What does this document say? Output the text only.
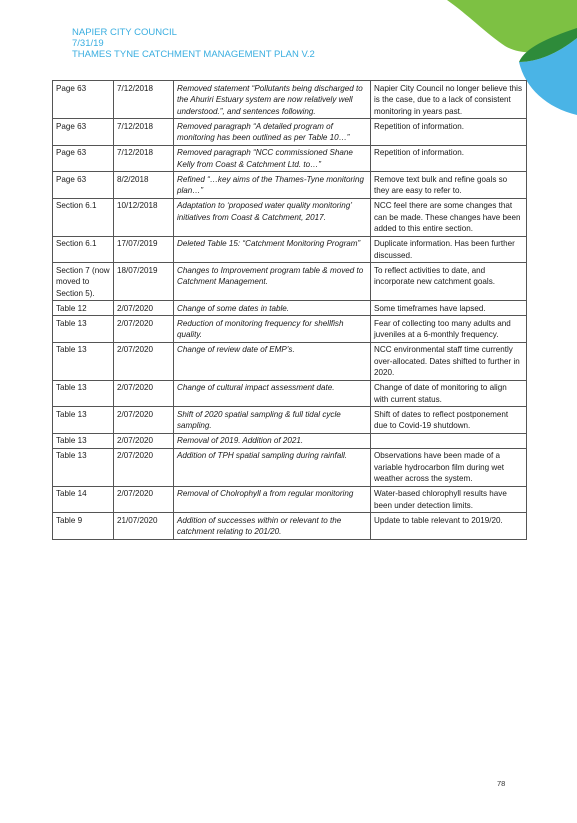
NAPIER CITY COUNCIL
7/31/19
THAMES TYNE CATCHMENT MANAGEMENT PLAN V.2
Page 63	7/12/2018	Removed statement “Pollutants being discharged to the Ahuriri Estuary system are now relatively well understood.”, and sentences following.	Napier City Council no longer believe this is the case, due to a lack of consistent monitoring in years past.
Page 63	7/12/2018	Removed paragraph “A detailed program of monitoring has been outlined as per Table 10…”	Repetition of information.
Page 63	7/12/2018	Removed paragraph “NCC commissioned Shane Kelly from Coast & Catchment Ltd. to…”	Repetition of information.
Page 63	8/2/2018	Refined “…key aims of the Thames-Tyne monitoring plan…”	Remove text bulk and refine goals so they are easy to refer to.
Section 6.1	10/12/2018	Adaptation to ‘proposed water quality monitoring’ initiatives from Coast & Catchment, 2017.	NCC feel there are some changes that can be made. These changes have been added to this entire section.
Section 6.1	17/07/2019	Deleted Table 15: “Catchment Monitoring Program”	Duplicate information. Has been further discussed.
Section 7 (now moved to Section 5).	18/07/2019	Changes to Improvement program table & moved to Catchment Management.	To reflect activities to date, and incorporate new catchment goals.
Table 12	2/07/2020	Change of some dates in table.	Some timeframes have lapsed.
Table 13	2/07/2020	Reduction of monitoring frequency for shellfish quality.	Fear of collecting too many adults and juveniles at a 6-monthly frequency.
Table 13	2/07/2020	Change of review date of EMP’s.	NCC environmental staff time currently over-allocated. Dates shifted to further in 2020.
Table 13	2/07/2020	Change of cultural impact assessment date.	Change of date of monitoring to align with current status.
Table 13	2/07/2020	Shift of 2020 spatial sampling & full tidal cycle sampling.	Shift of dates to reflect postponement due to Covid-19 shutdown.
Table 13	2/07/2020	Removal of 2019. Addition of 2021.	
Table 13	2/07/2020	Addition of TPH spatial sampling during rainfall.	Observations have been made of a variable hydrocarbon film during wet weather across the system.
Table 14	2/07/2020	Removal of Cholrophyll a from regular monitoring	Water-based chlorophyll results have been under detection limits.
Table 9	21/07/2020	Addition of successes within or relevant to the catchment relating to 201/20.	Update to table relevant to 2019/20.
78
